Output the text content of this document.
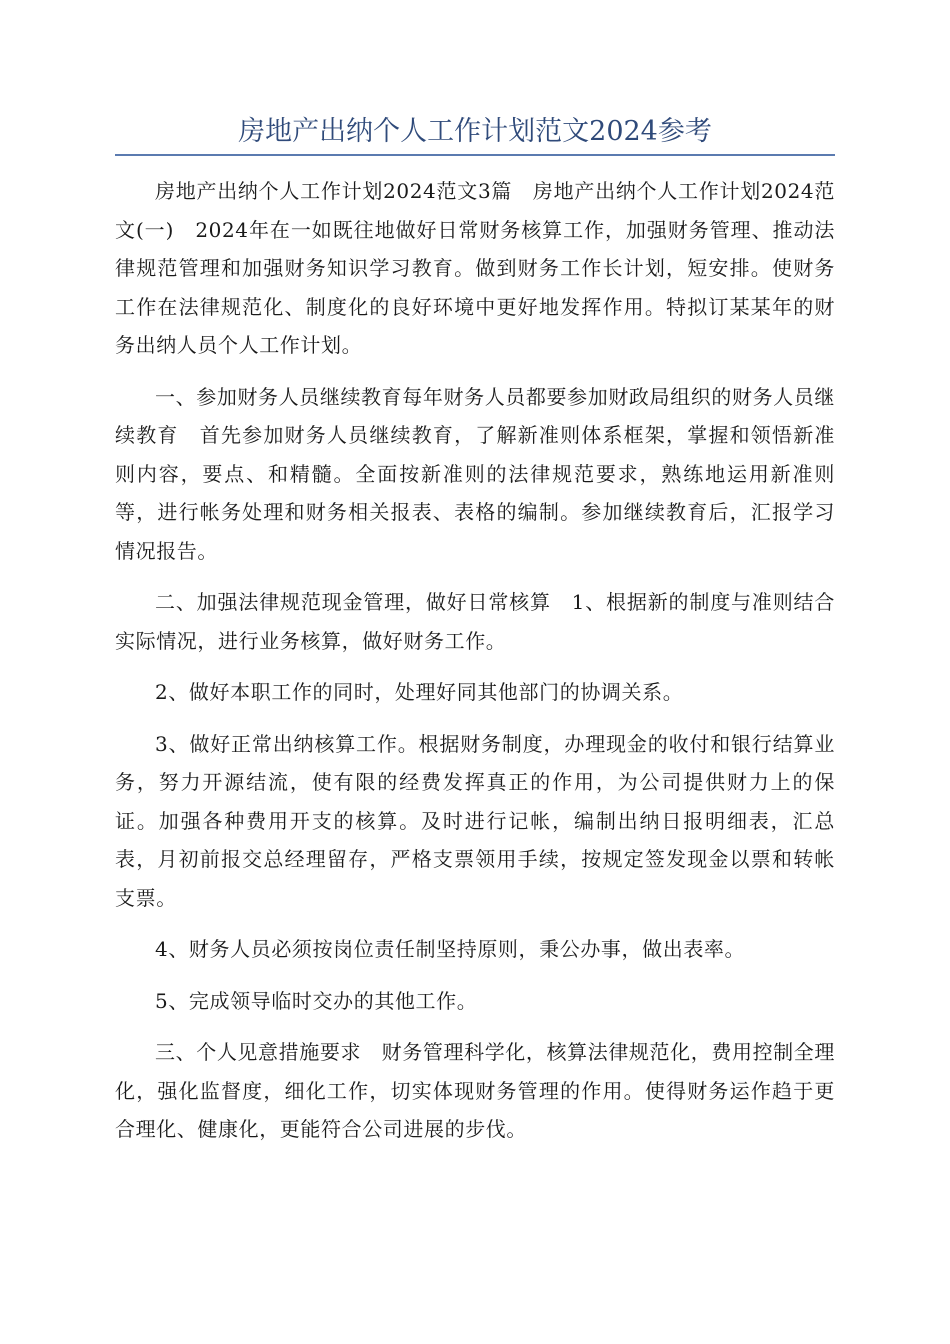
房地产出纳个人工作计划范文2024参考

房地产出纳个人工作计划2024范文3篇　房地产出纳个人工作计划2024范文(一)　2024年在一如既往地做好日常财务核算工作，加强财务管理、推动法律规范管理和加强财务知识学习教育。做到财务工作长计划，短安排。使财务工作在法律规范化、制度化的良好环境中更好地发挥作用。特拟订某某年的财务出纳人员个人工作计划。

一、参加财务人员继续教育每年财务人员都要参加财政局组织的财务人员继续教育　首先参加财务人员继续教育，了解新准则体系框架，掌握和领悟新准则内容，要点、和精髓。全面按新准则的法律规范要求，熟练地运用新准则等，进行帐务处理和财务相关报表、表格的编制。参加继续教育后，汇报学习情况报告。

二、加强法律规范现金管理，做好日常核算　1、根据新的制度与准则结合实际情况，进行业务核算，做好财务工作。

2、做好本职工作的同时，处理好同其他部门的协调关系。

3、做好正常出纳核算工作。根据财务制度，办理现金的收付和银行结算业务，努力开源结流，使有限的经费发挥真正的作用，为公司提供财力上的保证。加强各种费用开支的核算。及时进行记帐，编制出纳日报明细表，汇总表，月初前报交总经理留存，严格支票领用手续，按规定签发现金以票和转帐支票。

4、财务人员必须按岗位责任制坚持原则，秉公办事，做出表率。

5、完成领导临时交办的其他工作。

三、个人见意措施要求　财务管理科学化，核算法律规范化，费用控制全理化，强化监督度，细化工作，切实体现财务管理的作用。使得财务运作趋于更合理化、健康化，更能符合公司进展的步伐。
